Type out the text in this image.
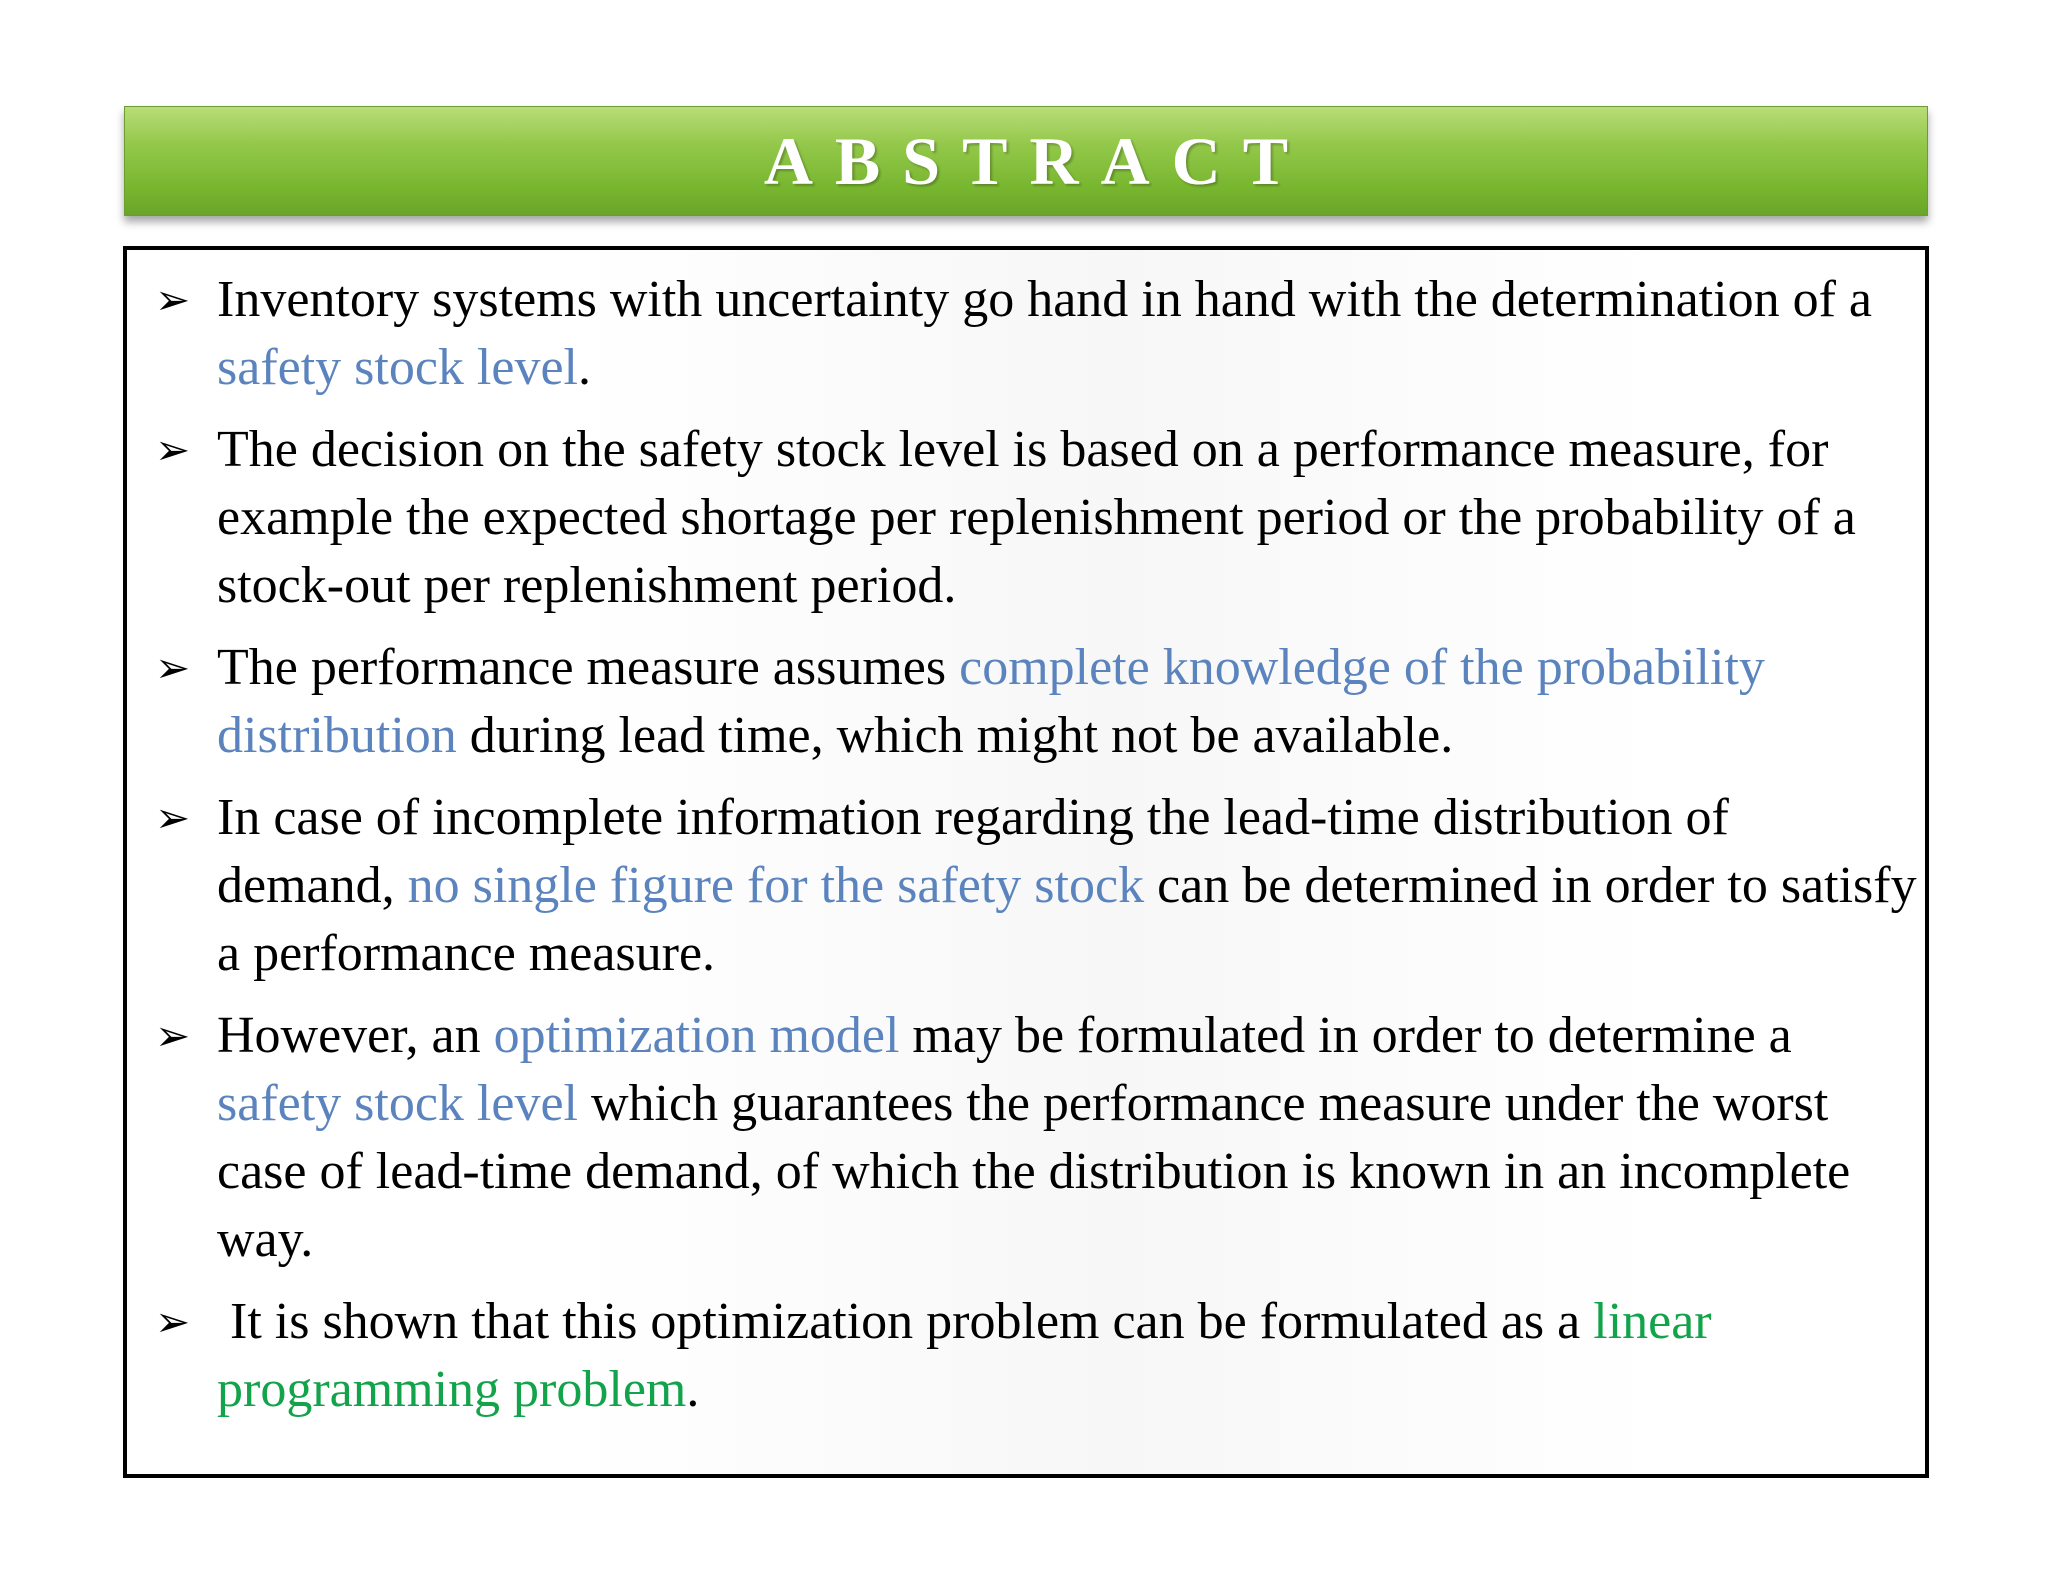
ABSTRACT
➢ Inventory systems with uncertainty go hand in hand with the determination of a safety stock level.
➢ The decision on the safety stock level is based on a performance measure, for example the expected shortage per replenishment period or the probability of a stock-out per replenishment period.
➢ The performance measure assumes complete knowledge of the probability distribution during lead time, which might not be available.
➢ In case of incomplete information regarding the lead-time distribution of demand, no single figure for the safety stock can be determined in order to satisfy a performance measure.
➢ However, an optimization model may be formulated in order to determine a safety stock level which guarantees the performance measure under the worst case of lead-time demand, of which the distribution is known in an incomplete way.
➢ It is shown that this optimization problem can be formulated as a linear programming problem.
